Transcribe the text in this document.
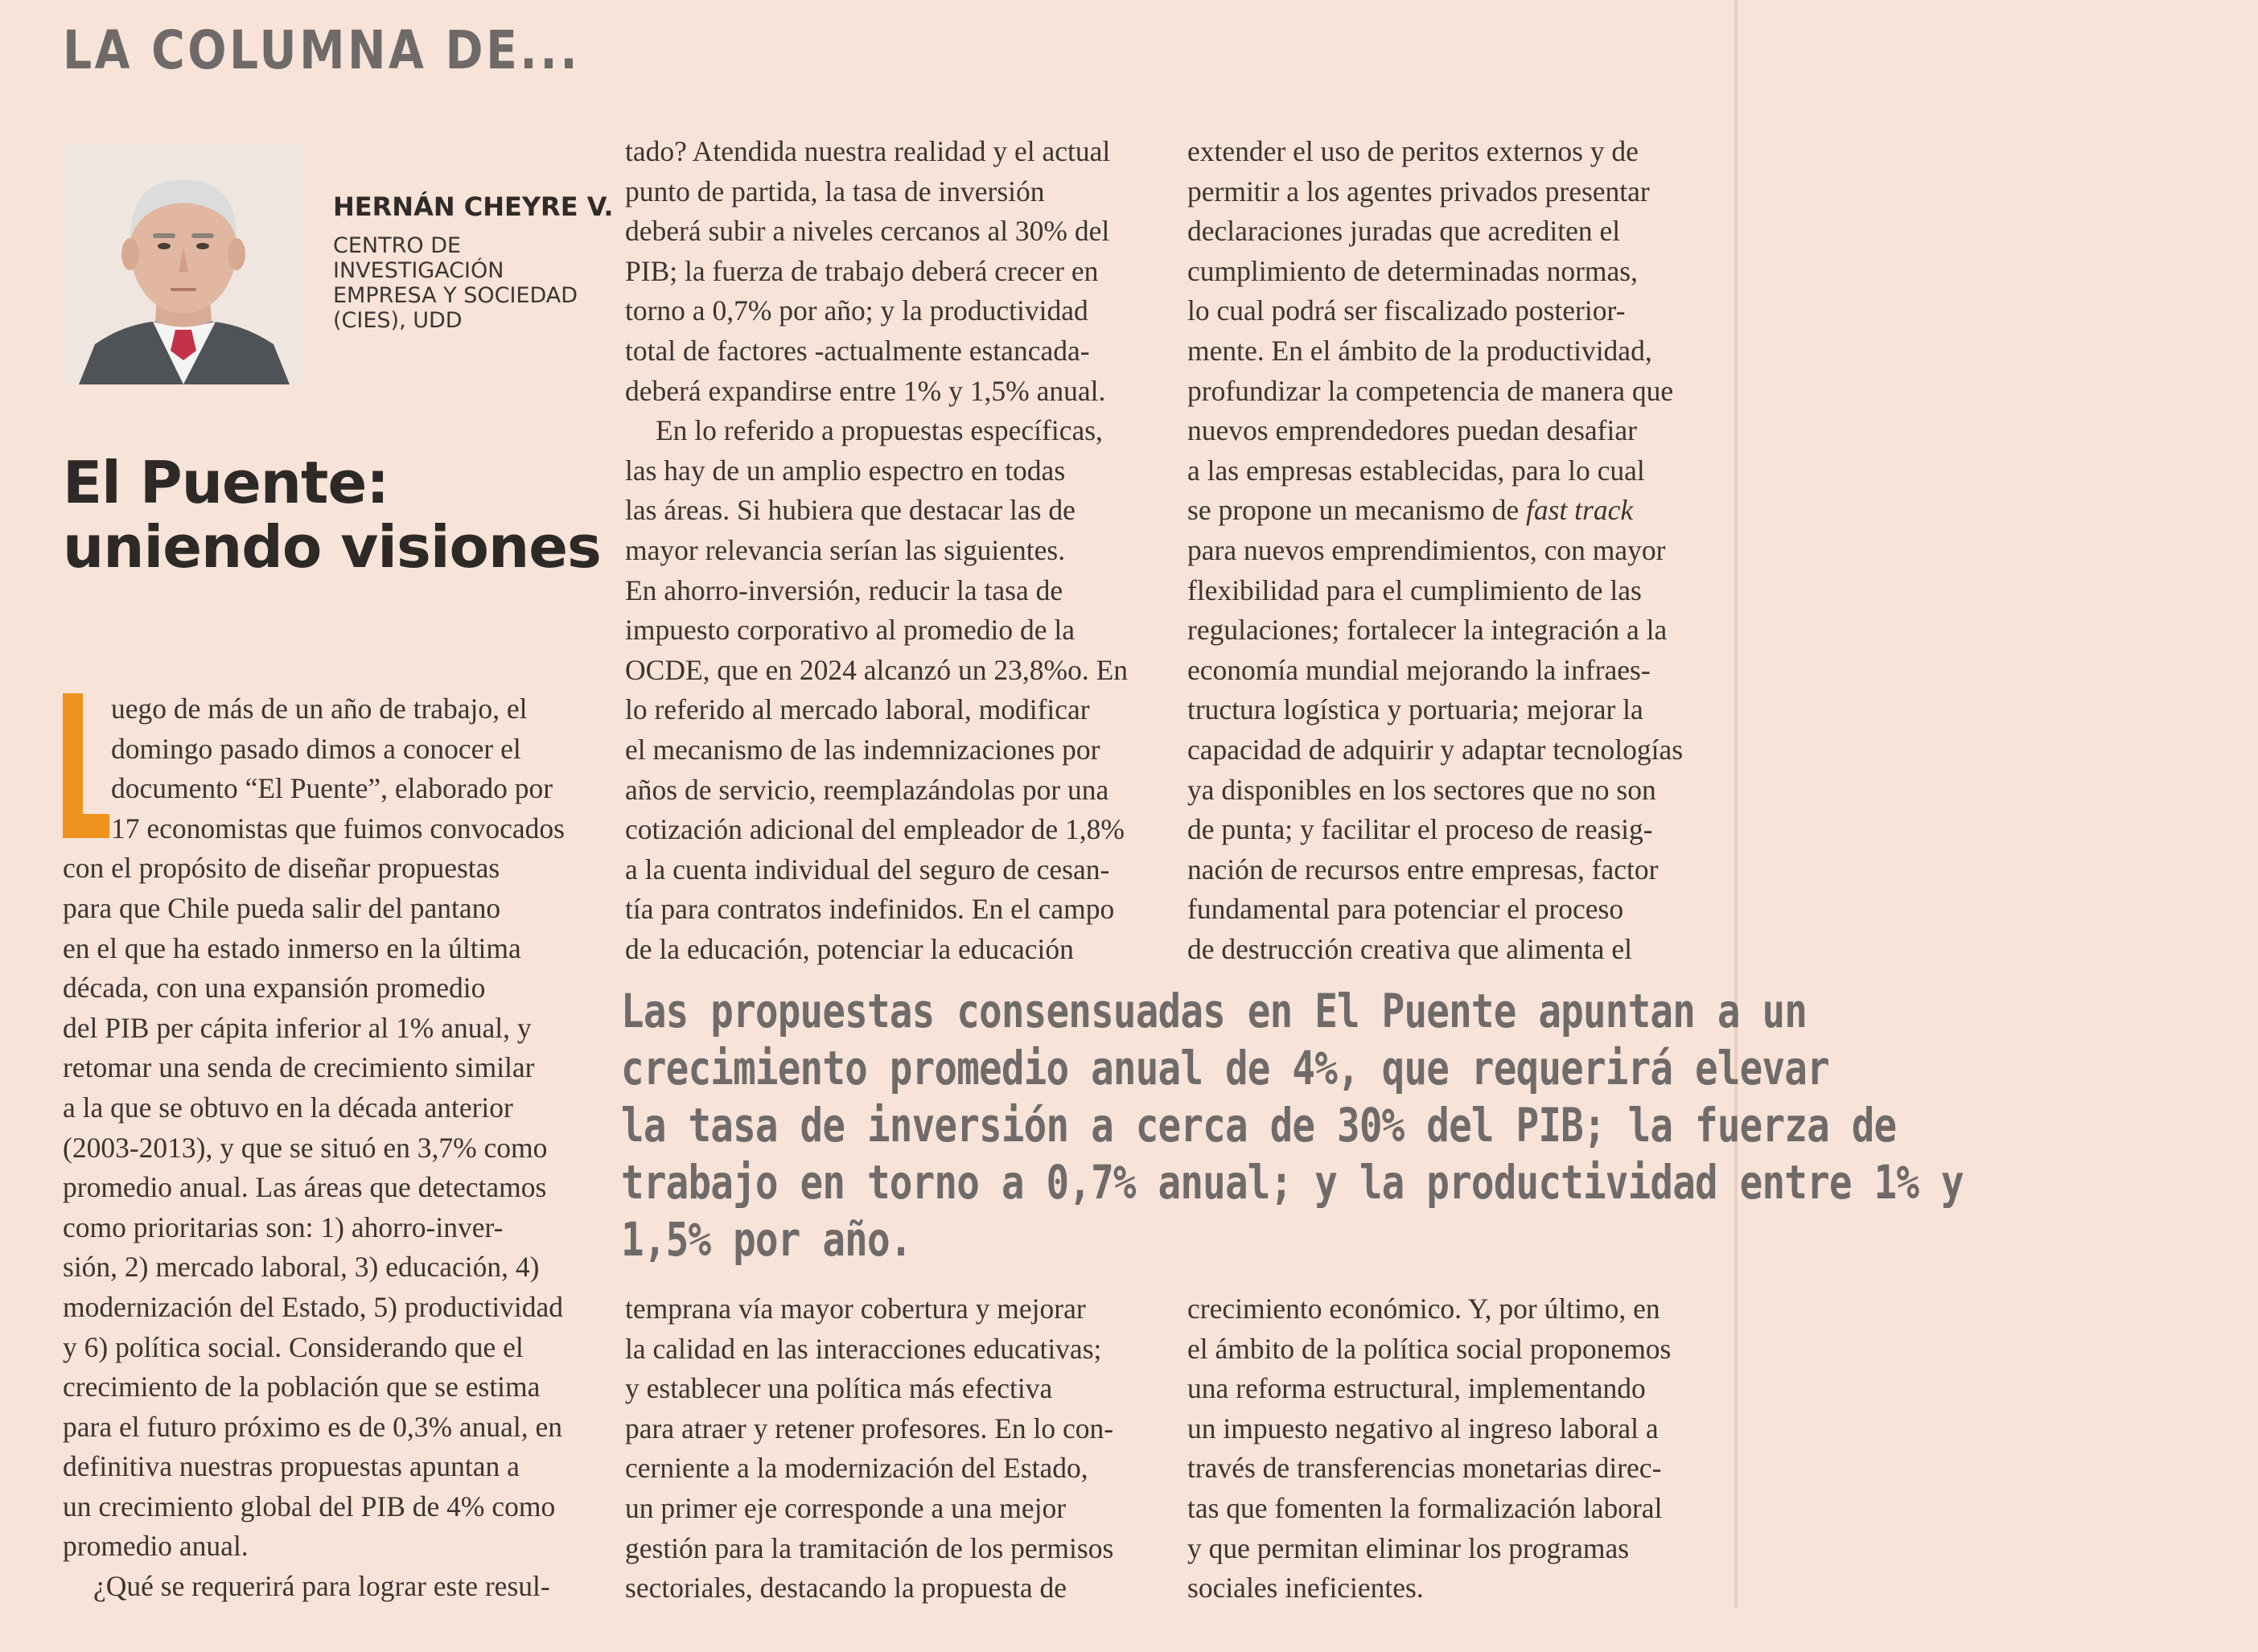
LA COLUMNA DE...
HERNÁN CHEYRE V.
CENTRO DE
INVESTIGACIÓN
EMPRESA Y SOCIEDAD
(CIES), UDD
El Puente:
uniendo visiones
uego de más de un año de trabajo, el
domingo pasado dimos a conocer el
documento “El Puente”, elaborado por
17 economistas que fuimos convocados
con el propósito de diseñar propuestas
para que Chile pueda salir del pantano
en el que ha estado inmerso en la última
década, con una expansión promedio
del PIB per cápita inferior al 1% anual, y
retomar una senda de crecimiento similar
a la que se obtuvo en la década anterior
(2003-2013), y que se situó en 3,7% como
promedio anual. Las áreas que detectamos
como prioritarias son: 1) ahorro-inver-
sión, 2) mercado laboral, 3) educación, 4)
modernización del Estado, 5) productividad
y 6) política social. Considerando que el
crecimiento de la población que se estima
para el futuro próximo es de 0,3% anual, en
definitiva nuestras propuestas apuntan a
un crecimiento global del PIB de 4% como
promedio anual.
¿Qué se requerirá para lograr este resul-
tado? Atendida nuestra realidad y el actual
punto de partida, la tasa de inversión
deberá subir a niveles cercanos al 30% del
PIB; la fuerza de trabajo deberá crecer en
torno a 0,7% por año; y la productividad
total de factores -actualmente estancada-
deberá expandirse entre 1% y 1,5% anual.
En lo referido a propuestas específicas,
las hay de un amplio espectro en todas
las áreas. Si hubiera que destacar las de
mayor relevancia serían las siguientes.
En ahorro-inversión, reducir la tasa de
impuesto corporativo al promedio de la
OCDE, que en 2024 alcanzó un 23,8%o. En
lo referido al mercado laboral, modificar
el mecanismo de las indemnizaciones por
años de servicio, reemplazándolas por una
cotización adicional del empleador de 1,8%
a la cuenta individual del seguro de cesan-
tía para contratos indefinidos. En el campo
de la educación, potenciar la educación
extender el uso de peritos externos y de
permitir a los agentes privados presentar
declaraciones juradas que acrediten el
cumplimiento de determinadas normas,
lo cual podrá ser fiscalizado posterior-
mente. En el ámbito de la productividad,
profundizar la competencia de manera que
nuevos emprendedores puedan desafiar
a las empresas establecidas, para lo cual
se propone un mecanismo de fast track
para nuevos emprendimientos, con mayor
flexibilidad para el cumplimiento de las
regulaciones; fortalecer la integración a la
economía mundial mejorando la infraes-
tructura logística y portuaria; mejorar la
capacidad de adquirir y adaptar tecnologías
ya disponibles en los sectores que no son
de punta; y facilitar el proceso de reasig-
nación de recursos entre empresas, factor
fundamental para potenciar el proceso
de destrucción creativa que alimenta el
Las propuestas consensuadas en El Puente apuntan a un
crecimiento promedio anual de 4%, que requerirá elevar
la tasa de inversión a cerca de 30% del PIB; la fuerza de
trabajo en torno a 0,7% anual; y la productividad entre 1% y
1,5% por año.
temprana vía mayor cobertura y mejorar
la calidad en las interacciones educativas;
y establecer una política más efectiva
para atraer y retener profesores. En lo con-
cerniente a la modernización del Estado,
un primer eje corresponde a una mejor
gestión para la tramitación de los permisos
sectoriales, destacando la propuesta de
crecimiento económico. Y, por último, en
el ámbito de la política social proponemos
una reforma estructural, implementando
un impuesto negativo al ingreso laboral a
través de transferencias monetarias direc-
tas que fomenten la formalización laboral
y que permitan eliminar los programas
sociales ineficientes.
